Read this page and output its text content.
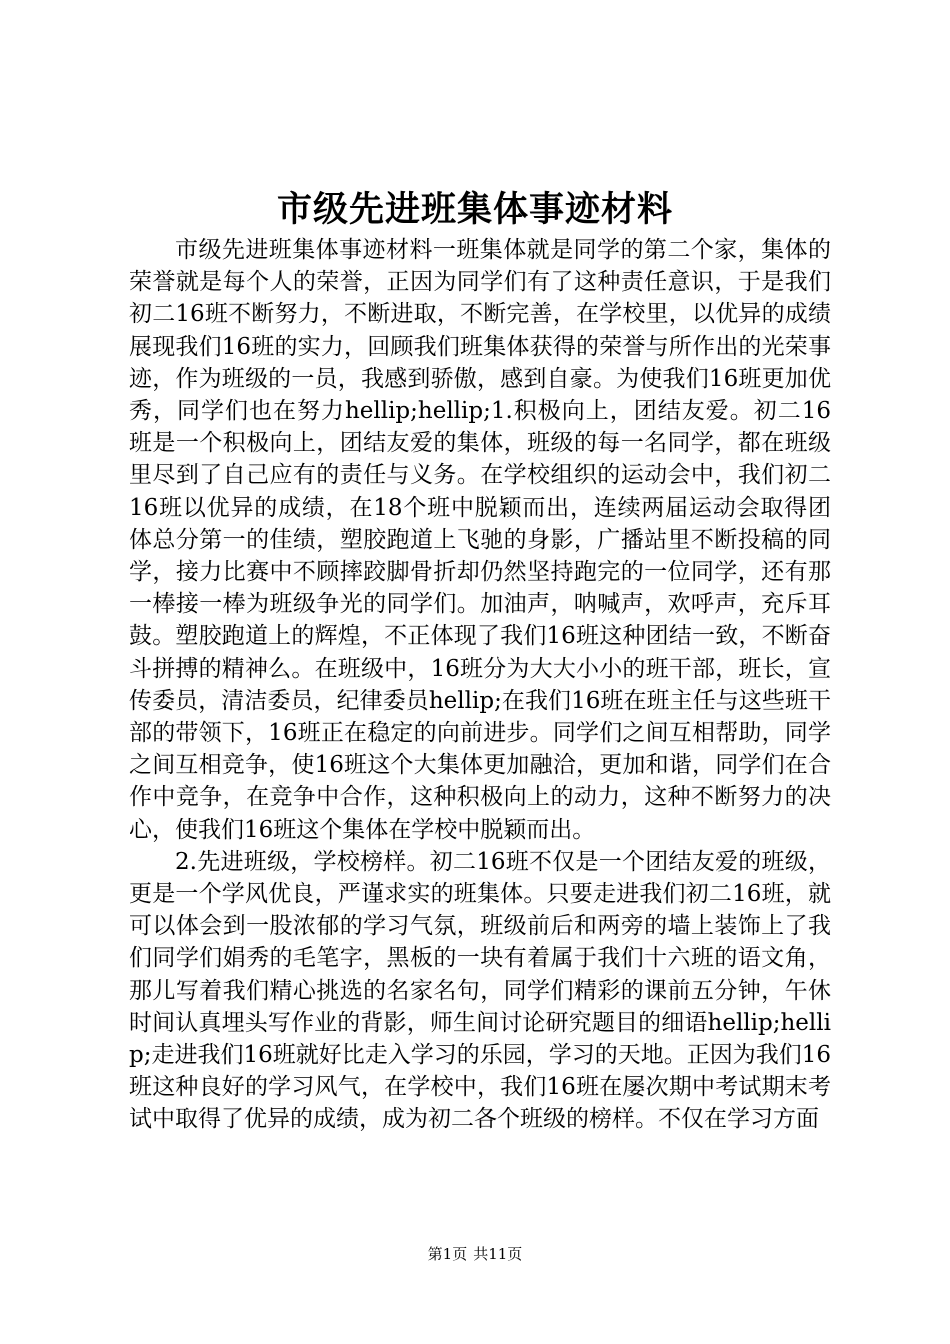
市级先进班集体事迹材料

市级先进班集体事迹材料一班集体就是同学的第二个家，集体的荣誉就是每个人的荣誉，正因为同学们有了这种责任意识，于是我们初二16班不断努力，不断进取，不断完善，在学校里，以优异的成绩展现我们16班的实力，回顾我们班集体获得的荣誉与所作出的光荣事迹，作为班级的一员，我感到骄傲，感到自豪。为使我们16班更加优秀，同学们也在努力hellip;hellip;1.积极向上，团结友爱。初二16班是一个积极向上，团结友爱的集体，班级的每一名同学，都在班级里尽到了自己应有的责任与义务。在学校组织的运动会中，我们初二16班以优异的成绩，在18个班中脱颖而出，连续两届运动会取得团体总分第一的佳绩，塑胶跑道上飞驰的身影，广播站里不断投稿的同学，接力比赛中不顾摔跤脚骨折却仍然坚持跑完的一位同学，还有那一棒接一棒为班级争光的同学们。加油声，呐喊声，欢呼声，充斥耳鼓。塑胶跑道上的辉煌，不正体现了我们16班这种团结一致，不断奋斗拼搏的精神么。在班级中，16班分为大大小小的班干部，班长，宣传委员，清洁委员，纪律委员hellip;在我们16班在班主任与这些班干部的带领下，16班正在稳定的向前进步。同学们之间互相帮助，同学之间互相竞争，使16班这个大集体更加融洽，更加和谐，同学们在合作中竞争，在竞争中合作，这种积极向上的动力，这种不断努力的决心，使我们16班这个集体在学校中脱颖而出。

2.先进班级，学校榜样。初二16班不仅是一个团结友爱的班级，更是一个学风优良，严谨求实的班集体。只要走进我们初二16班，就可以体会到一股浓郁的学习气氛，班级前后和两旁的墙上装饰上了我们同学们娟秀的毛笔字，黑板的一块有着属于我们十六班的语文角，那儿写着我们精心挑选的名家名句，同学们精彩的课前五分钟，午休时间认真埋头写作业的背影，师生间讨论研究题目的细语hellip;hellip;走进我们16班就好比走入学习的乐园，学习的天地。正因为我们16班这种良好的学习风气，在学校中，我们16班在屡次期中考试期末考试中取得了优异的成绩，成为初二各个班级的榜样。不仅在学习方面

第1页 共11页
